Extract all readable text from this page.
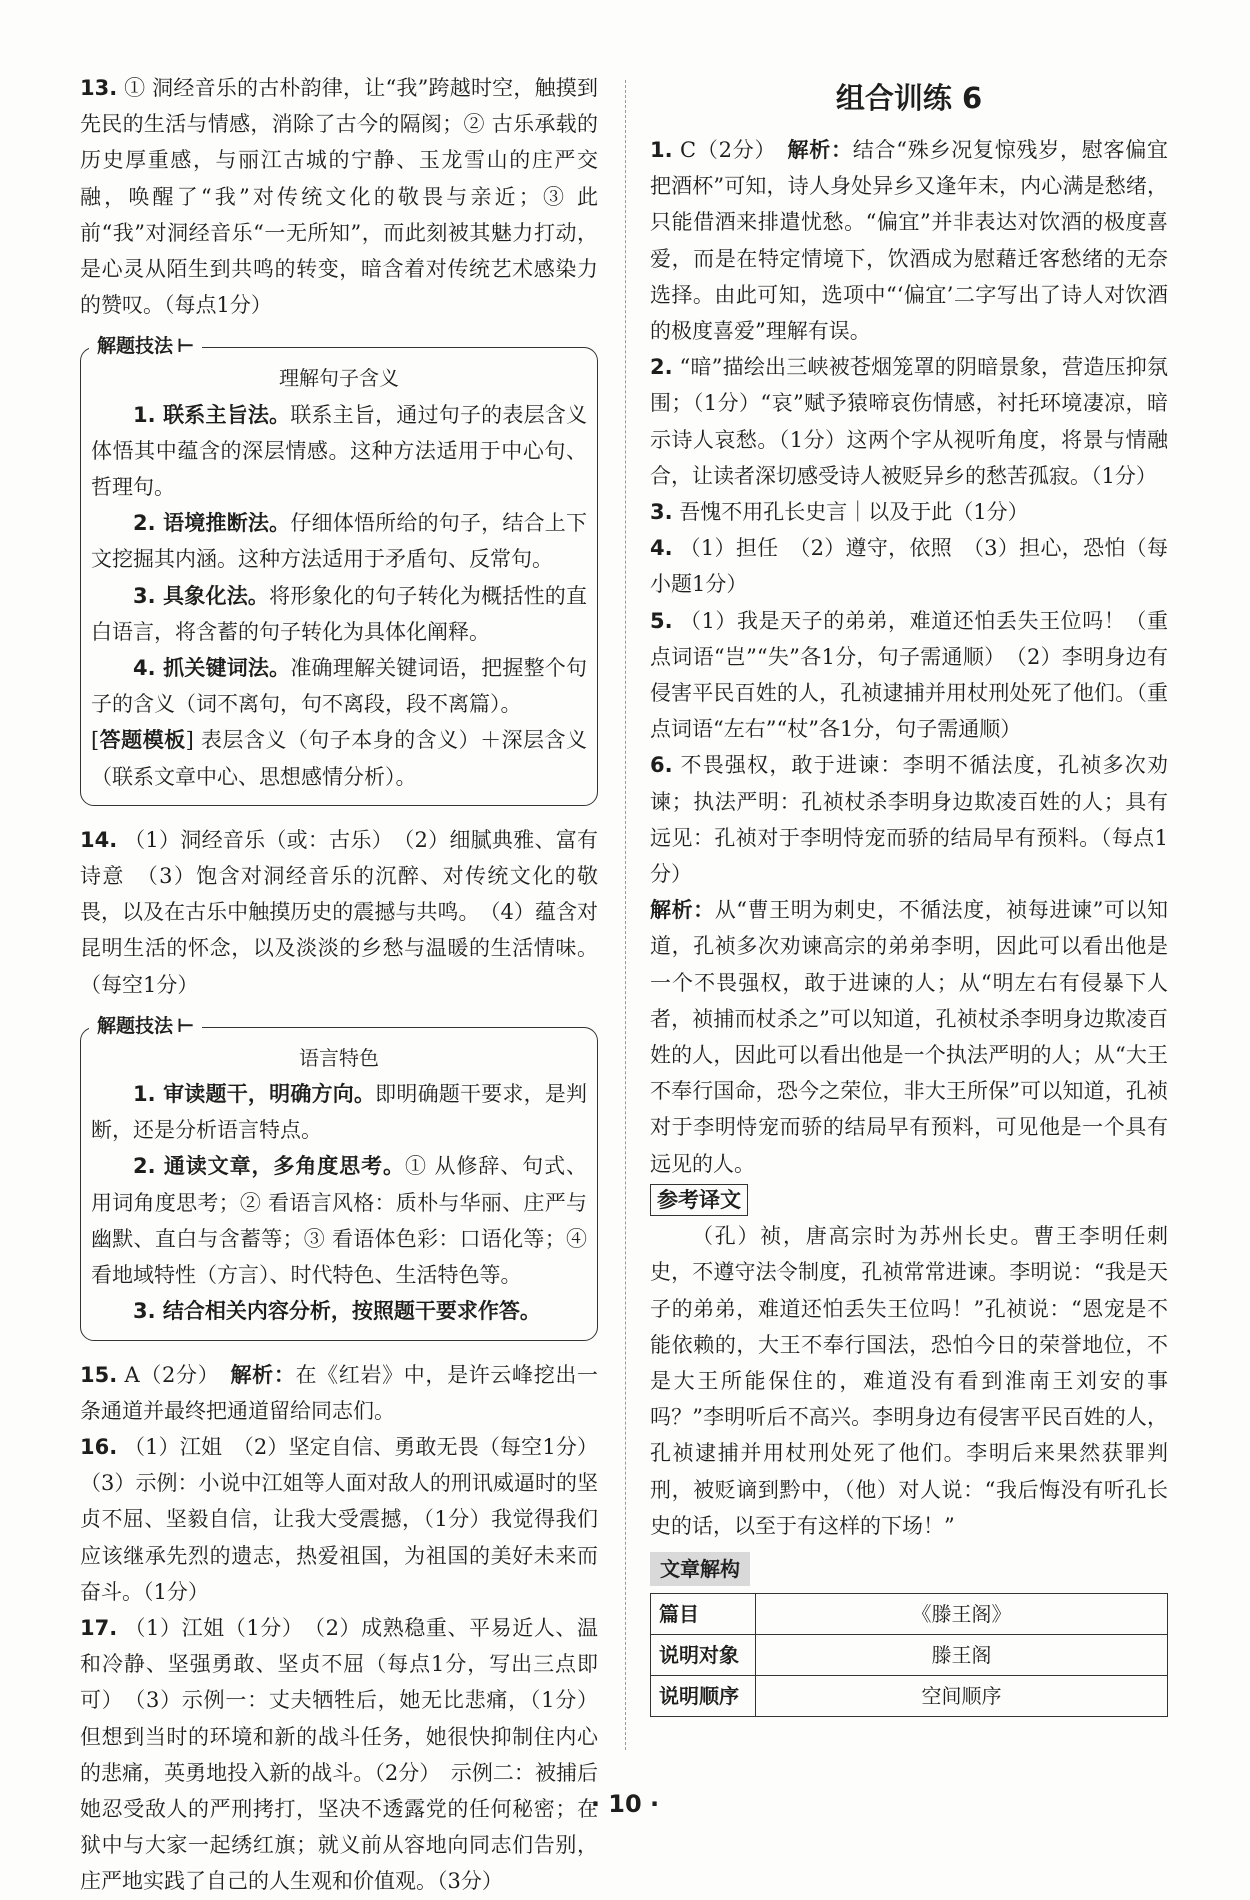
13. ① 洞经音乐的古朴韵律，让“我”跨越时空，触摸到先民的生活与情感，消除了古今的隔阂；② 古乐承载的历史厚重感，与丽江古城的宁静、玉龙雪山的庄严交融，唤醒了“我”对传统文化的敬畏与亲近；③ 此前“我”对洞经音乐“一无所知”，而此刻被其魅力打动，是心灵从陌生到共鸣的转变，暗含着对传统艺术感染力的赞叹。（每点1分）

解题技法 ⊢
理解句子含义

1. 联系主旨法。联系主旨，通过句子的表层含义体悟其中蕴含的深层情感。这种方法适用于中心句、哲理句。

2. 语境推断法。仔细体悟所给的句子，结合上下文挖掘其内涵。这种方法适用于矛盾句、反常句。

3. 具象化法。将形象化的句子转化为概括性的直白语言，将含蓄的句子转化为具体化阐释。

4. 抓关键词法。准确理解关键词语，把握整个句子的含义（词不离句，句不离段，段不离篇）。

[答题模板] 表层含义（句子本身的含义）＋深层含义（联系文章中心、思想感情分析）。

14. （1）洞经音乐（或：古乐）　（2）细腻典雅、富有诗意　（3）饱含对洞经音乐的沉醉、对传统文化的敬畏，以及在古乐中触摸历史的震撼与共鸣。　（4）蕴含对昆明生活的怀念，以及淡淡的乡愁与温暖的生活情味。（每空1分）

解题技法 ⊢
语言特色

1. 审读题干，明确方向。即明确题干要求，是判断，还是分析语言特点。

2. 通读文章，多角度思考。① 从修辞、句式、用词角度思考；② 看语言风格：质朴与华丽、庄严与幽默、直白与含蓄等；③ 看语体色彩：口语化等；④ 看地域特性（方言）、时代特色、生活特色等。

3. 结合相关内容分析，按照题干要求作答。

15. A（2分）　 解析：在《红岩》中，是许云峰挖出一条通道并最终把通道留给同志们。

16. （1）江姐　（2）坚定自信、勇敢无畏（每空1分）（3）示例：小说中江姐等人面对敌人的刑讯威逼时的坚贞不屈、坚毅自信，让我大受震撼，（1分）我觉得我们应该继承先烈的遗志，热爱祖国，为祖国的美好未来而奋斗。（1分）

17. （1）江姐（1分）　（2）成熟稳重、平易近人、温和冷静、坚强勇敢、坚贞不屈（每点1分，写出三点即可）　（3）示例一：丈夫牺牲后，她无比悲痛，（1分）但想到当时的环境和新的战斗任务，她很快抑制住内心的悲痛，英勇地投入新的战斗。（2分）　示例二：被捕后她忍受敌人的严刑拷打，坚决不透露党的任何秘密；在狱中与大家一起绣红旗；就义前从容地向同志们告别，庄严地实践了自己的人生观和价值观。（3分）

组合训练 6

1. C（2分）　 解析：结合“殊乡况复惊残岁，慰客偏宜把酒杯”可知，诗人身处异乡又逢年末，内心满是愁绪，只能借酒来排遣忧愁。“偏宜”并非表达对饮酒的极度喜爱，而是在特定情境下，饮酒成为慰藉迁客愁绪的无奈选择。由此可知，选项中“‘偏宜’二字写出了诗人对饮酒的极度喜爱”理解有误。

2. “暗”描绘出三峡被苍烟笼罩的阴暗景象，营造压抑氛围；（1分）“哀”赋予猿啼哀伤情感，衬托环境凄凉，暗示诗人哀愁。（1分）这两个字从视听角度，将景与情融合，让读者深切感受诗人被贬异乡的愁苦孤寂。（1分）

3. 吾愧不用孔长史言｜以及于此（1分）

4. （1）担任　（2）遵守，依照　（3）担心，恐怕（每小题1分）

5. （1）我是天子的弟弟，难道还怕丢失王位吗！（重点词语“岂”“失”各1分，句子需通顺）　（2）李明身边有侵害平民百姓的人，孔祯逮捕并用杖刑处死了他们。（重点词语“左右”“杖”各1分，句子需通顺）

6. 不畏强权，敢于进谏：李明不循法度，孔祯多次劝谏；执法严明：孔祯杖杀李明身边欺凌百姓的人；具有远见：孔祯对于李明恃宠而骄的结局早有预料。（每点1分）

解析：从“曹王明为刺史，不循法度，祯每进谏”可以知道，孔祯多次劝谏高宗的弟弟李明，因此可以看出他是一个不畏强权，敢于进谏的人；从“明左右有侵暴下人者，祯捕而杖杀之”可以知道，孔祯杖杀李明身边欺凌百姓的人，因此可以看出他是一个执法严明的人；从“大王不奉行国命，恐今之荣位，非大王所保”可以知道，孔祯对于李明恃宠而骄的结局早有预料，可见他是一个具有远见的人。

参考译文

（孔）祯，唐高宗时为苏州长史。曹王李明任刺史，不遵守法令制度，孔祯常常进谏。李明说：“我是天子的弟弟，难道还怕丢失王位吗！”孔祯说：“恩宠是不能依赖的，大王不奉行国法，恐怕今日的荣誉地位，不是大王所能保住的，难道没有看到淮南王刘安的事吗？”李明听后不高兴。李明身边有侵害平民百姓的人，孔祯逮捕并用杖刑处死了他们。李明后来果然获罪判刑，被贬谪到黔中，（他）对人说：“我后悔没有听孔长史的话，以至于有这样的下场！”

文章解构
篇目	《滕王阁》
说明对象	滕王阁
说明顺序	空间顺序
· 10 ·
